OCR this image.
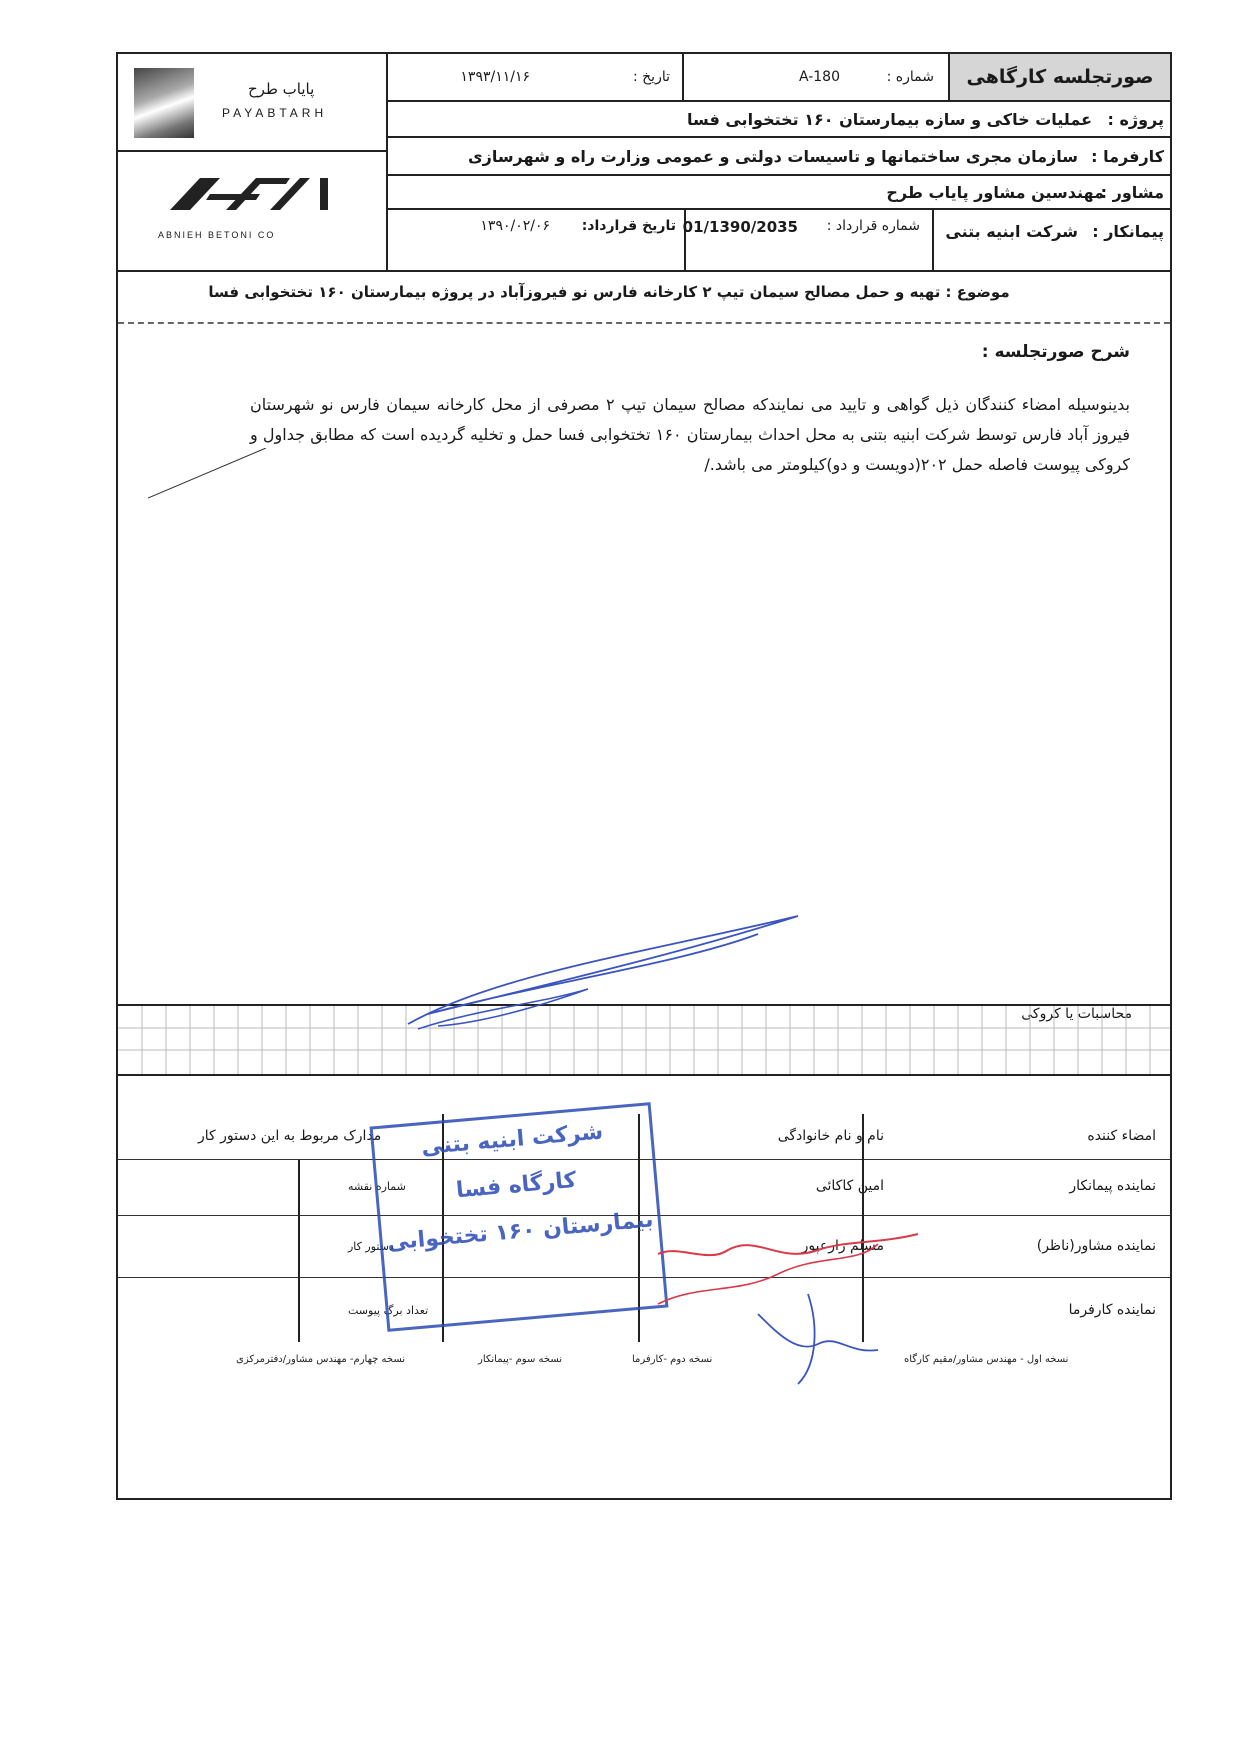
پایاب طرح
PAYABTARH
ABNIEH BETONI CO
صورتجلسه کارگاهی
شماره :
A-180
تاریخ :
۱۳۹۳/۱۱/۱۶
پروژه :
عملیات خاکی و سازه بیمارستان ۱۶۰ تختخوابی فسا
کارفرما :
سازمان مجری ساختمانها و تاسیسات دولتی و عمومی وزارت راه و شهرسازی
مشاور :
مهندسین مشاور پایاب طرح
پیمانکار :
شرکت ابنیه بتنی
شماره قرارداد :
01/1390/2035
تاریخ قرارداد:
۱۳۹۰/۰۲/۰۶
موضوع : تهیه و حمل مصالح سیمان تیپ ۲ کارخانه فارس نو فیروزآباد در پروژه بیمارستان ۱۶۰ تختخوابی فسا
شرح صورتجلسه :
بدینوسیله امضاء کنندگان ذیل گواهی و تایید می نمایندکه مصالح سیمان تیپ ۲ مصرفی از محل کارخانه سیمان فارس نو شهرستان فیروز آباد فارس توسط شرکت ابنیه بتنی به محل احداث بیمارستان ۱۶۰ تختخوابی فسا حمل و تخلیه گردیده است که مطابق جداول و کروکی پیوست فاصله حمل ۲۰۲(دویست و دو)کیلومتر می باشد./
محاسبات یا کروکی
امضاء کننده
نام و نام خانوادگی
مدارک مربوط به این دستور کار
نماینده پیمانکار
امین کاکائی
شماره نقشه
نماینده مشاور(ناظر)
مسلم زارعپور
دستور کار
نماینده کارفرما
تعداد برگ پیوست
شرکت ابنیه بتنی
کارگاه فسا
بیمارستان ۱۶۰ تختخوابی
نسخه اول - مهندس مشاور/مقیم کارگاه
نسخه دوم -کارفرما
نسخه سوم -پیمانکار
نسخه چهارم- مهندس مشاور/دفترمرکزی
